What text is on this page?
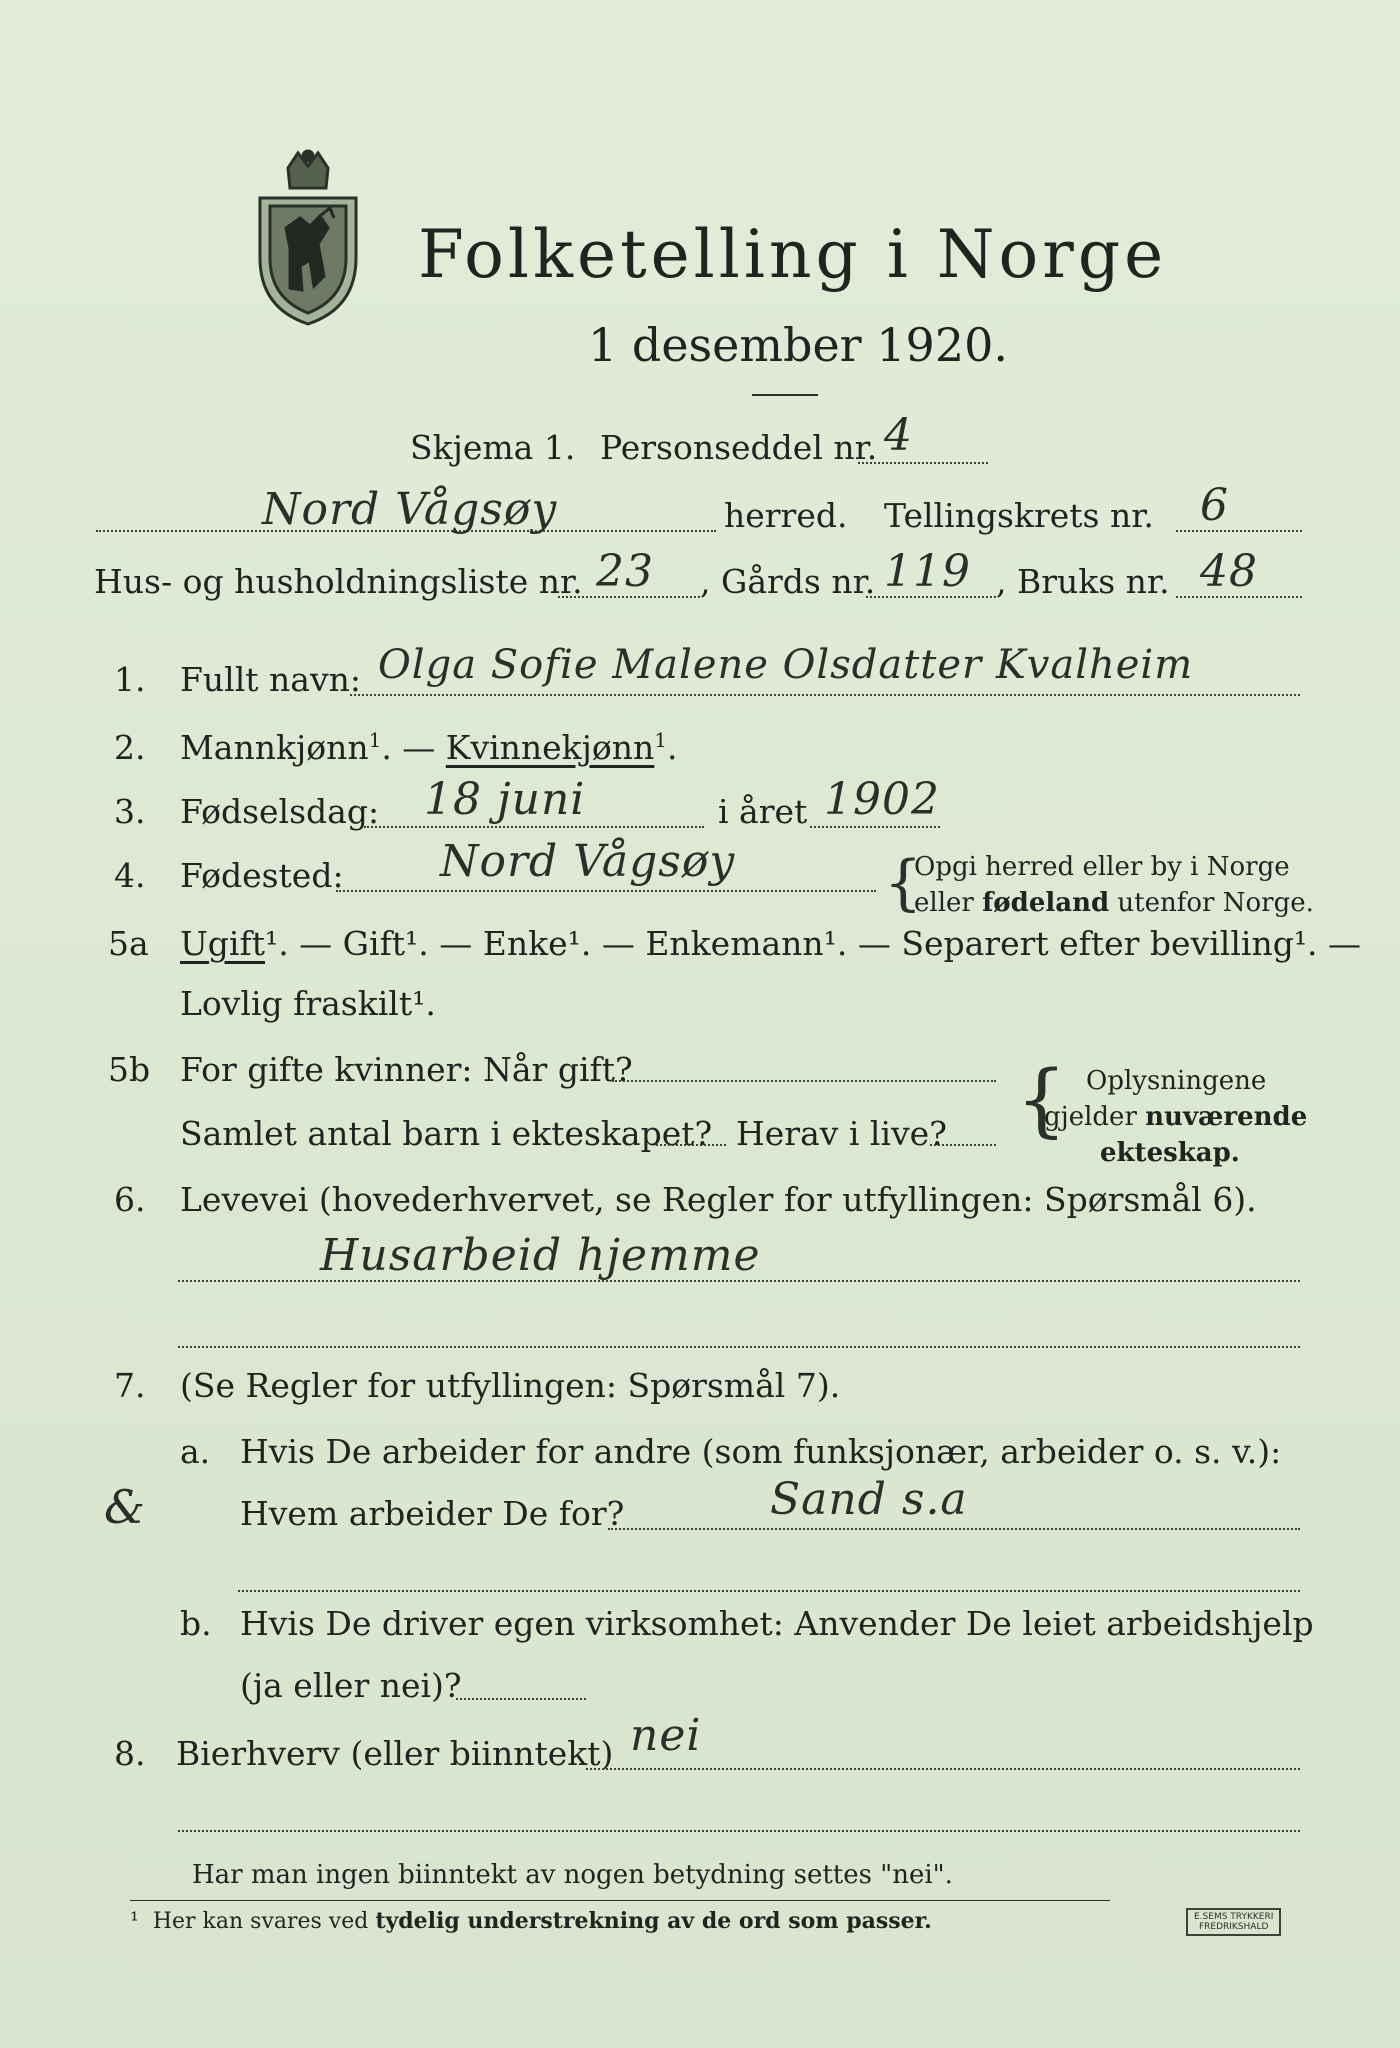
Folketelling i Norge
1 desember 1920.
Skjema 1. Personseddel nr. 4
Nord Vågsøy	herred. Tellingskrets nr. 6
Hus- og husholdningsliste nr. 23 , Gårds nr. 119 , Bruks nr. 48
1. Fullt navn: Olga Sofie Malene Olsdatter Kvalheim
2. Mannkjønn$^1$. — Kvinnekjønn$^1$.
3. Fødselsdag: 18 juni	i året 1902
4. Fødested: Nord Vågsøy {
Opgi herred eller by i Norge
eller fødeland utenfor Norge.
5a Ugift¹. — Gift¹. — Enke¹. — Enkemann¹. — Separert efter bevilling¹. —
Lovlig fraskilt¹.
5b For gifte kvinner: Når gift?
Samlet antal barn i ekteskapet? Herav i live? { Oplysningene
gjelder nuværende
ekteskap.
6. Levevei (hovederhvervet, se Regler for utfyllingen: Spørsmål 6).
Husarbeid hjemme
7. (Se Regler for utfyllingen: Spørsmål 7).
a. Hvis De arbeider for andre (som funksjonær, arbeider o. s. v.):
&	Hvem arbeider De for?	Sand s.a
b. Hvis De driver egen virksomhet: Anvender De leiet arbeidshjelp
(ja eller nei)?
8. Bierhverv (eller biinntekt) nei
Har man ingen biinntekt av nogen betydning settes "nei".
¹ Her kan svares ved tydelig understrekning av de ord som passer.	E.SEMS TRYKKERI
FREDRIKSHALD
